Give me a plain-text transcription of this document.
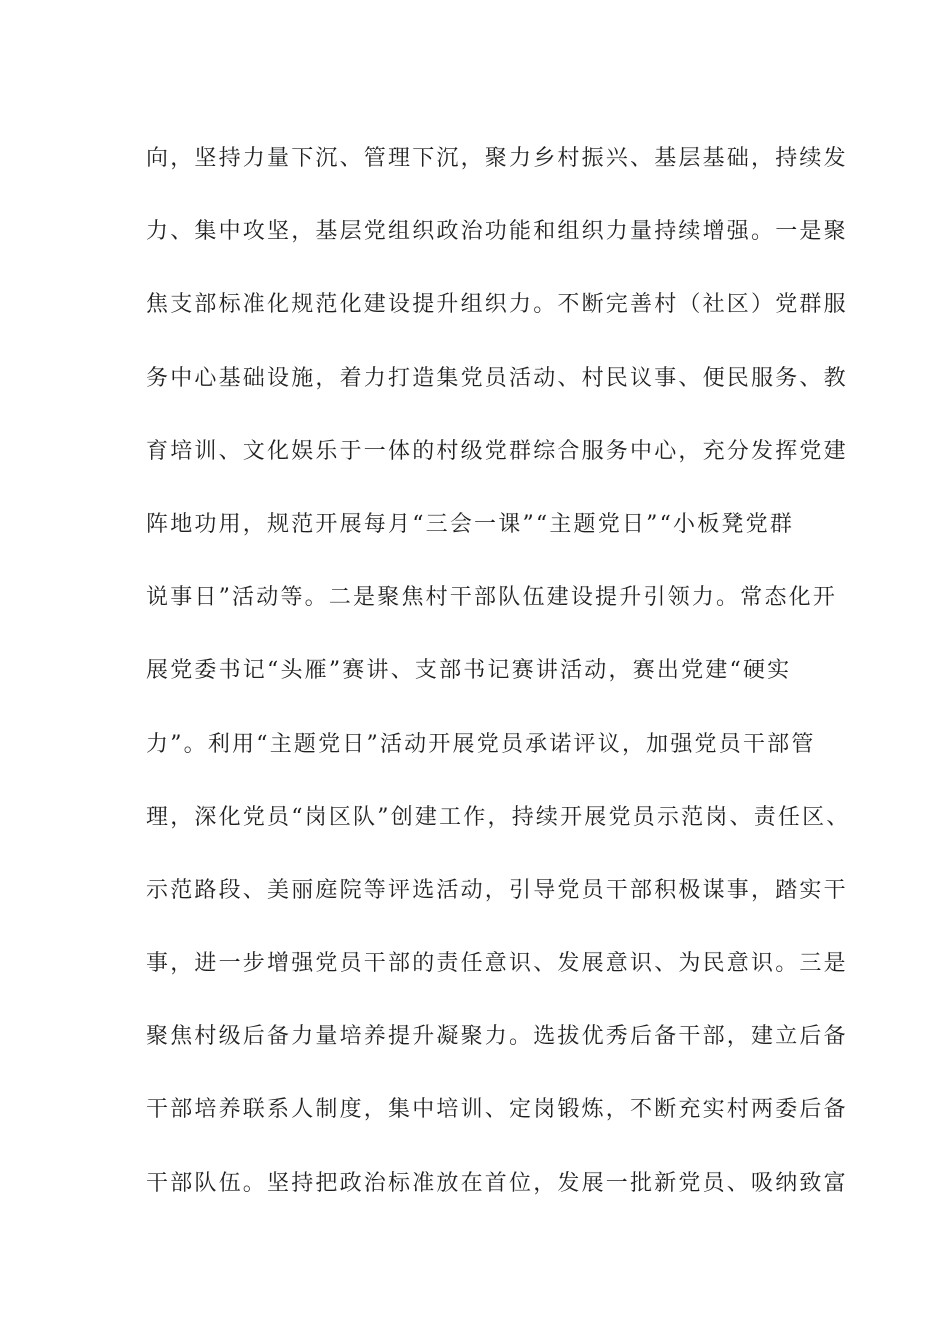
向，坚持力量下沉、管理下沉，聚力乡村振兴、基层基础，持续发
力、集中攻坚，基层党组织政治功能和组织力量持续增强。一是聚
焦支部标准化规范化建设提升组织力。不断完善村（社区）党群服
务中心基础设施，着力打造集党员活动、村民议事、便民服务、教
育培训、文化娱乐于一体的村级党群综合服务中心，充分发挥党建
阵地功用，规范开展每月“三会一课”“主题党日”“小板凳党群
说事日”活动等。二是聚焦村干部队伍建设提升引领力。常态化开
展党委书记“头雁”赛讲、支部书记赛讲活动，赛出党建“硬实
力”。利用“主题党日”活动开展党员承诺评议，加强党员干部管
理，深化党员“岗区队”创建工作，持续开展党员示范岗、责任区、
示范路段、美丽庭院等评选活动，引导党员干部积极谋事，踏实干
事，进一步增强党员干部的责任意识、发展意识、为民意识。三是
聚焦村级后备力量培养提升凝聚力。选拔优秀后备干部，建立后备
干部培养联系人制度，集中培训、定岗锻炼，不断充实村两委后备
干部队伍。坚持把政治标准放在首位，发展一批新党员、吸纳致富
